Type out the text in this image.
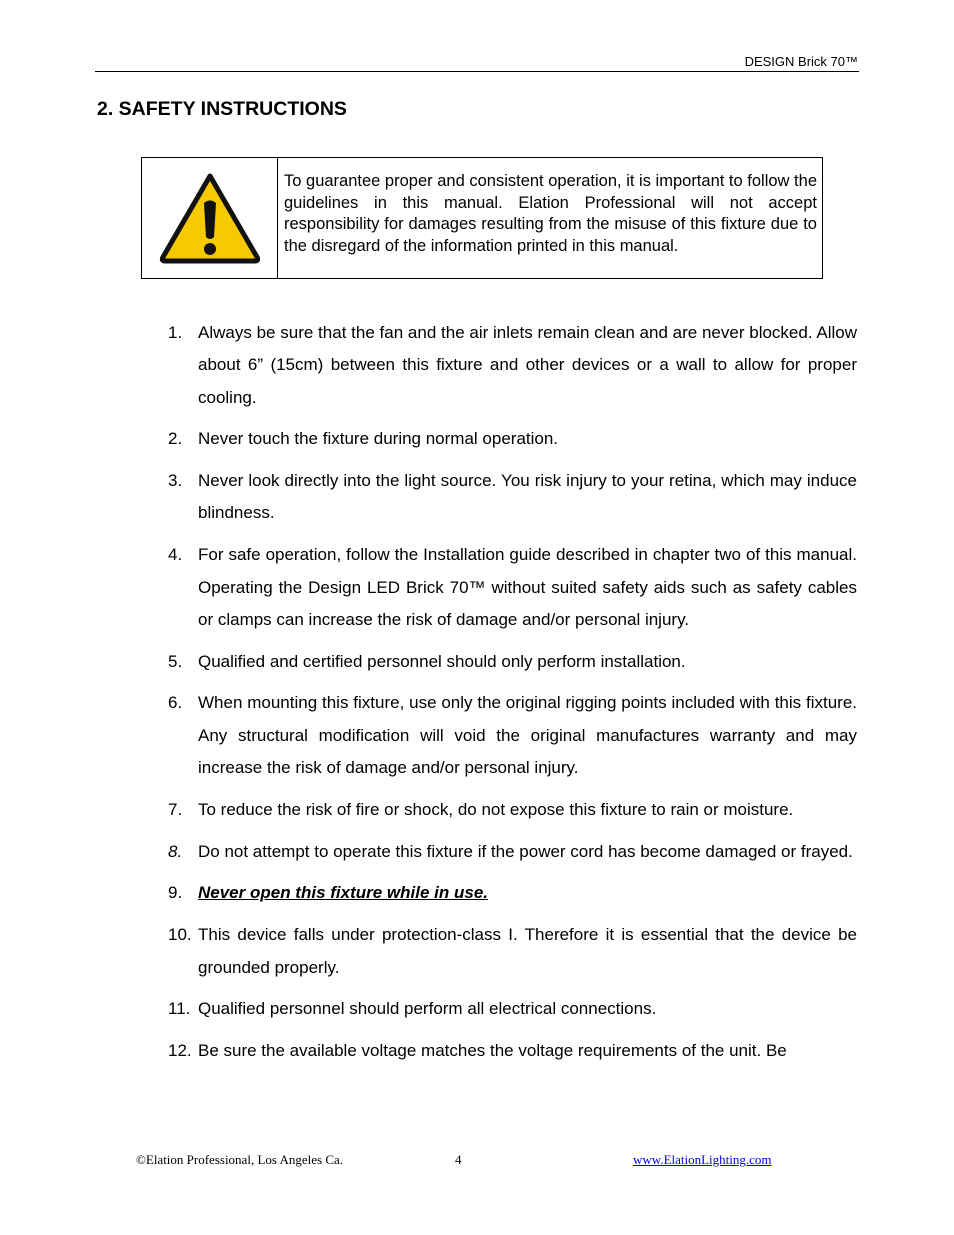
DESIGN Brick 70™
2. SAFETY INSTRUCTIONS
To guarantee proper and consistent operation, it is important to follow the guidelines in this manual. Elation Professional will not accept responsibility for damages resulting from the misuse of this fixture due to the disregard of the information printed in this manual.
1. Always be sure that the fan and the air inlets remain clean and are never blocked. Allow about 6” (15cm) between this fixture and other devices or a wall to allow for proper cooling.
2. Never touch the fixture during normal operation.
3. Never look directly into the light source. You risk injury to your retina, which may induce blindness.
4. For safe operation, follow the Installation guide described in chapter two of this manual. Operating the Design LED Brick 70™ without suited safety aids such as safety cables or clamps can increase the risk of damage and/or personal injury.
5. Qualified and certified personnel should only perform installation.
6. When mounting this fixture, use only the original rigging points included with this fixture. Any structural modification will void the original manufactures warranty and may increase the risk of damage and/or personal injury.
7. To reduce the risk of fire or shock, do not expose this fixture to rain or moisture.
8. Do not attempt to operate this fixture if the power cord has become damaged or frayed.
9. Never open this fixture while in use.
10. This device falls under protection-class I. Therefore it is essential that the device be grounded properly.
11. Qualified personnel should perform all electrical connections.
12. Be sure the available voltage matches the voltage requirements of the unit. Be
©Elation Professional, Los Angeles Ca.	4	www.ElationLighting.com
